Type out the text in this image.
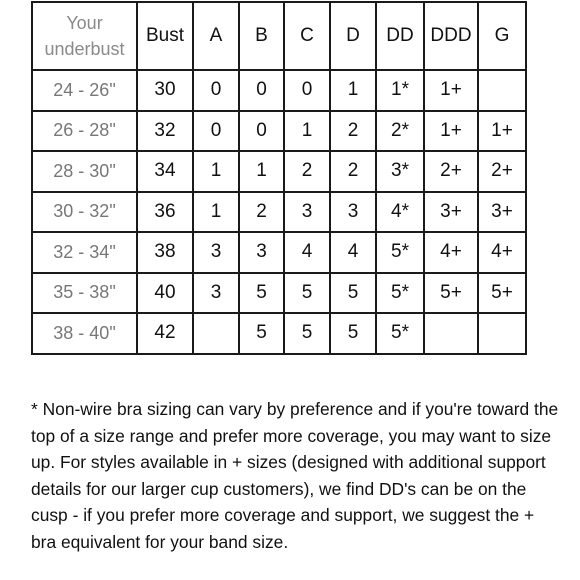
Your
underbust	Bust	A	B	C	D	DD	DDD	G
24 - 26"	30	0	0	0	1	1*	1+	
26 - 28"	32	0	0	1	2	2*	1+	1+
28 - 30"	34	1	1	2	2	3*	2+	2+
30 - 32"	36	1	2	3	3	4*	3+	3+
32 - 34"	38	3	3	4	4	5*	4+	4+
35 - 38"	40	3	5	5	5	5*	5+	5+
38 - 40"	42		5	5	5	5*		

* Non-wire bra sizing can vary by preference and if you're toward the top of a size range and prefer more coverage, you may want to size up. For styles available in + sizes (designed with additional support details for our larger cup customers), we find DD's can be on the cusp - if you prefer more coverage and support, we suggest the + bra equivalent for your band size.
